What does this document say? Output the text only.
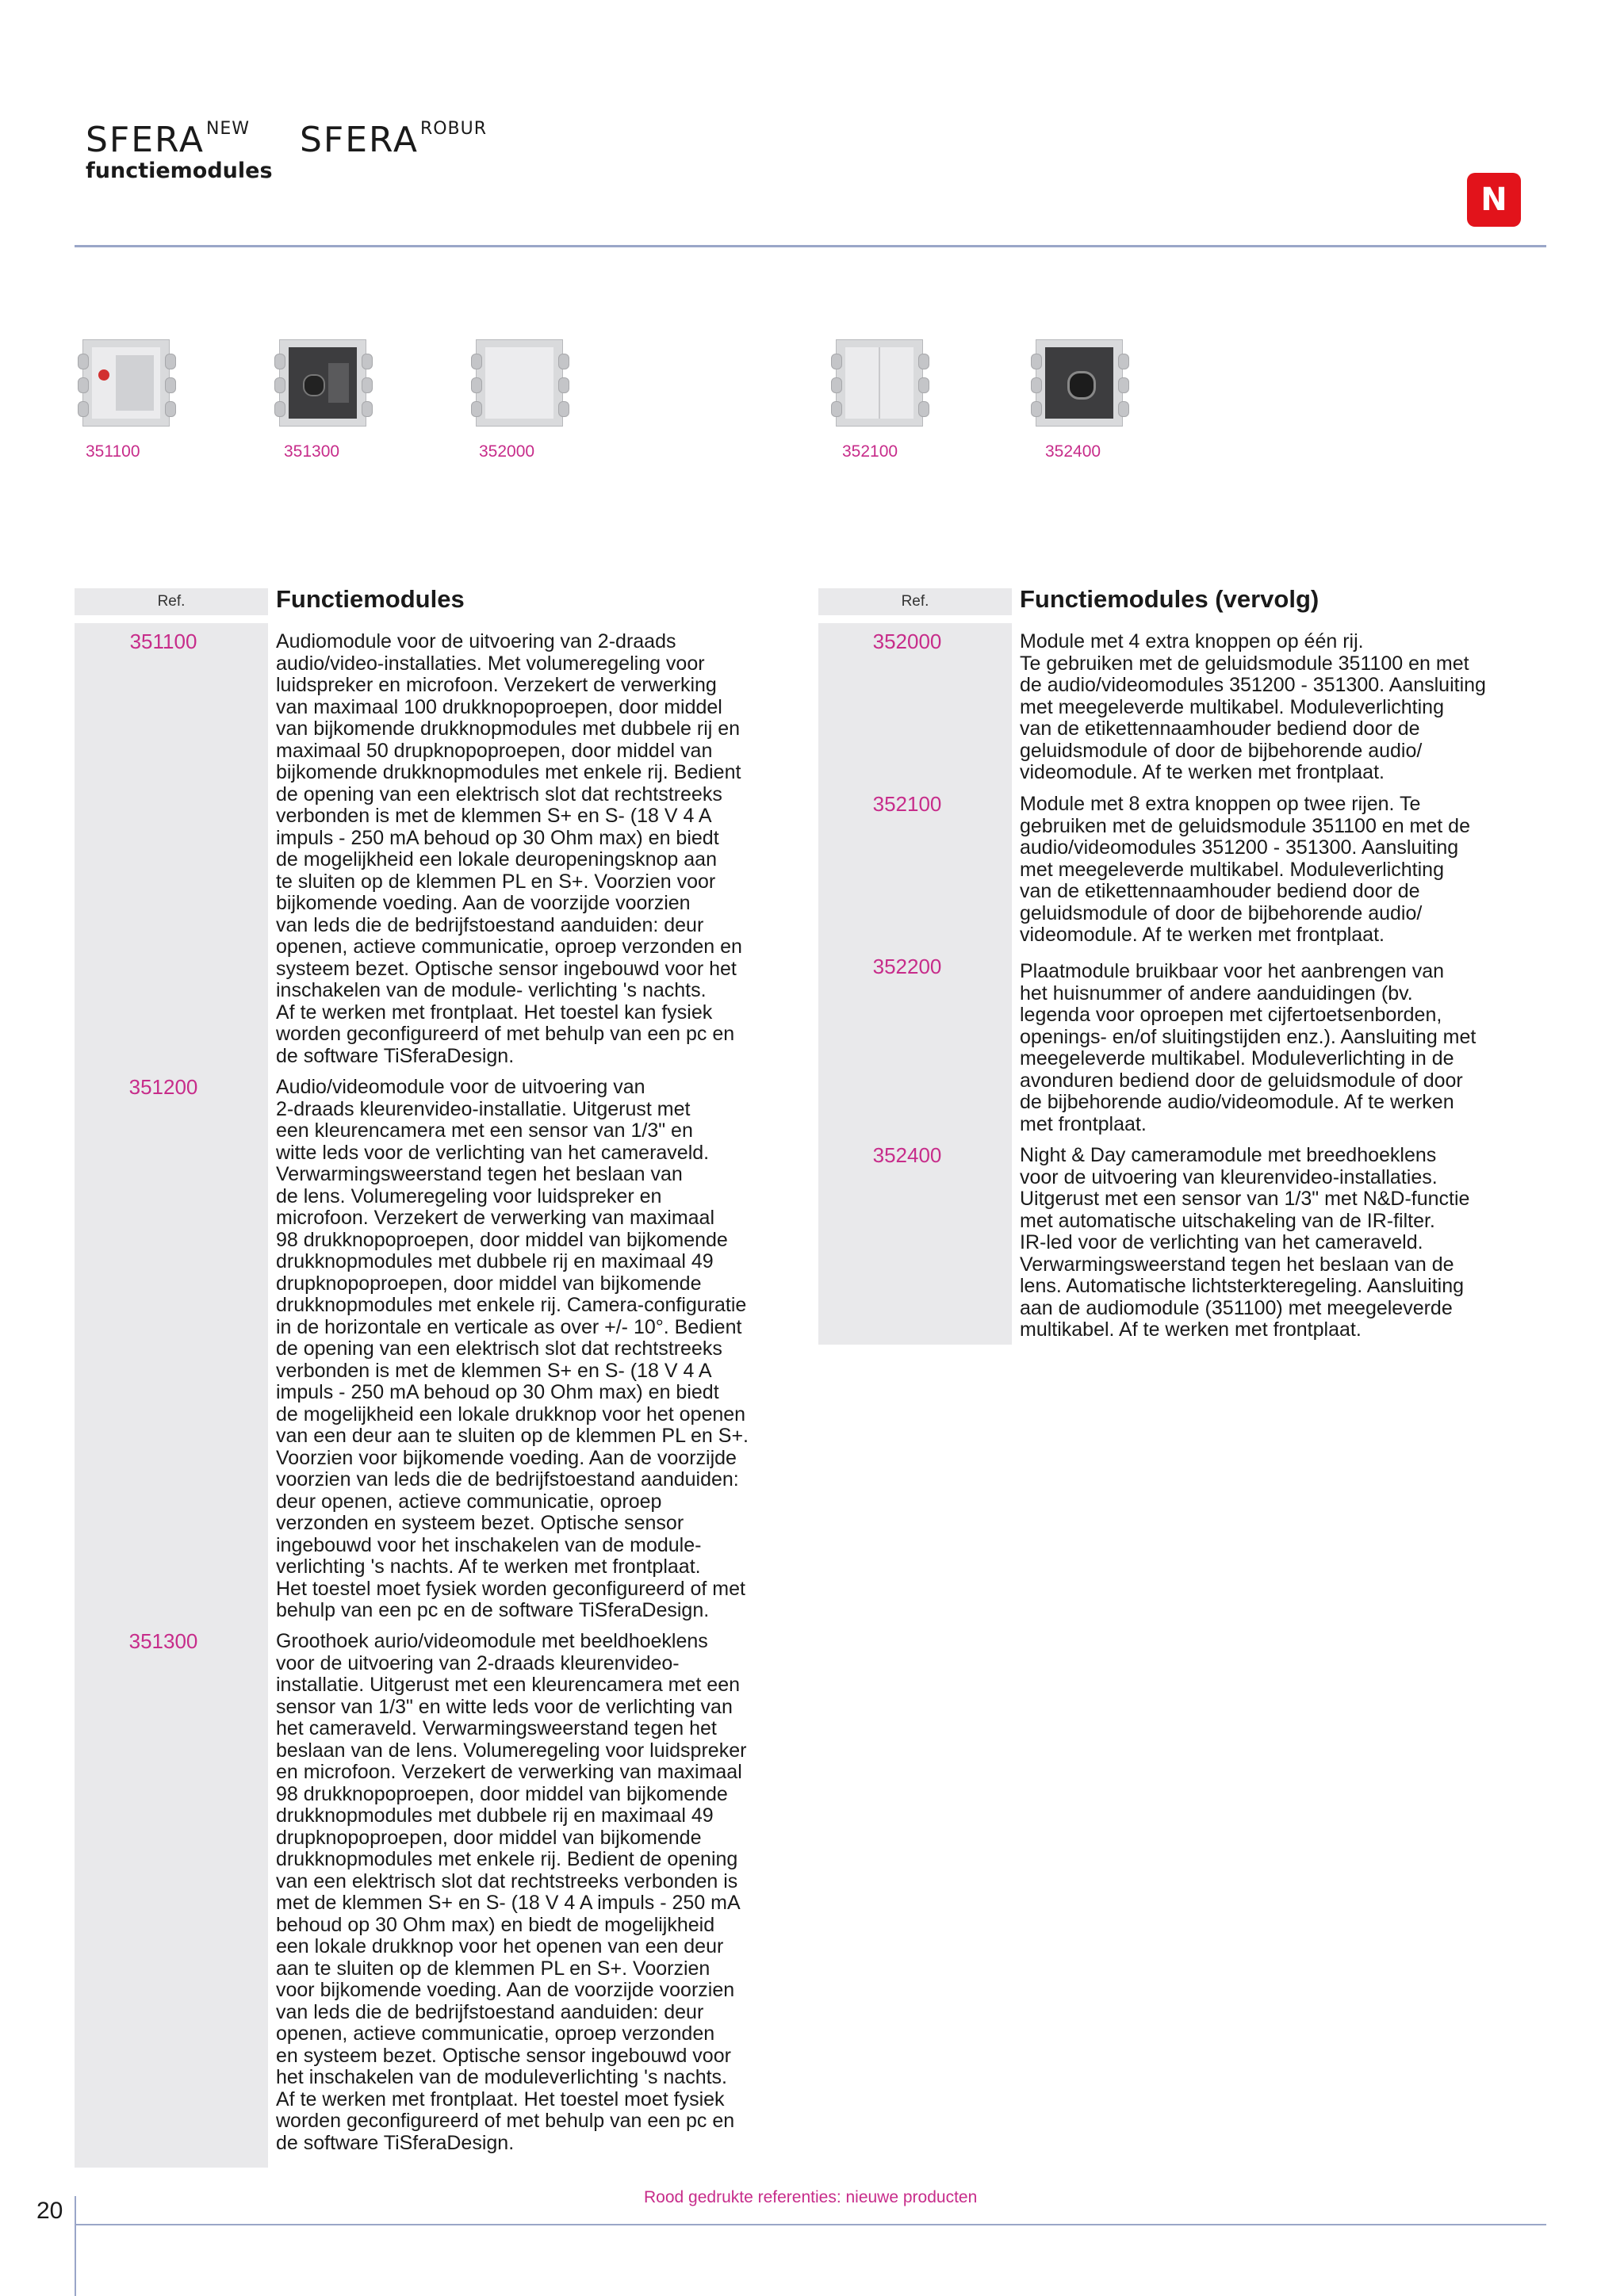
$SFERA^{NEW}$ $SFERA^{ROBUR}$
functiemodules
N
351100	351300	352000	352100	352400
Ref.	Functiemodules
351100	Audiomodule voor de uitvoering van 2-draads
audio/video-installaties. Met volumeregeling voor
luidspreker en microfoon. Verzekert de verwerking
van maximaal 100 drukknopoproepen, door middel
van bijkomende drukknopmodules met dubbele rij en
maximaal 50 drupknopoproepen, door middel van
bijkomende drukknopmodules met enkele rij. Bedient
de opening van een elektrisch slot dat rechtstreeks
verbonden is met de klemmen S+ en S- (18 V 4 A
impuls - 250 mA behoud op 30 Ohm max) en biedt
de mogelijkheid een lokale deuropeningsknop aan
te sluiten op de klemmen PL en S+. Voorzien voor
bijkomende voeding. Aan de voorzijde voorzien
van leds die de bedrijfstoestand aanduiden: deur
openen, actieve communicatie, oproep verzonden en
systeem bezet. Optische sensor ingebouwd voor het
inschakelen van de module- verlichting 's nachts.
Af te werken met frontplaat. Het toestel kan fysiek
worden geconfigureerd of met behulp van een pc en
de software TiSferaDesign.
351200	Audio/videomodule voor de uitvoering van
2-draads kleurenvideo-installatie. Uitgerust met
een kleurencamera met een sensor van 1/3" en
witte leds voor de verlichting van het cameraveld.
Verwarmingsweerstand tegen het beslaan van
de lens. Volumeregeling voor luidspreker en
microfoon. Verzekert de verwerking van maximaal
98 drukknopoproepen, door middel van bijkomende
drukknopmodules met dubbele rij en maximaal 49
drupknopoproepen, door middel van bijkomende
drukknopmodules met enkele rij. Camera-configuratie
in de horizontale en verticale as over +/- 10°. Bedient
de opening van een elektrisch slot dat rechtstreeks
verbonden is met de klemmen S+ en S- (18 V 4 A
impuls - 250 mA behoud op 30 Ohm max) en biedt
de mogelijkheid een lokale drukknop voor het openen
van een deur aan te sluiten op de klemmen PL en S+.
Voorzien voor bijkomende voeding. Aan de voorzijde
voorzien van leds die de bedrijfstoestand aanduiden:
deur openen, actieve communicatie, oproep
verzonden en systeem bezet. Optische sensor
ingebouwd voor het inschakelen van de module-
verlichting 's nachts. Af te werken met frontplaat.
Het toestel moet fysiek worden geconfigureerd of met
behulp van een pc en de software TiSferaDesign.
351300	Groothoek aurio/videomodule met beeldhoeklens
voor de uitvoering van 2-draads kleurenvideo-
installatie. Uitgerust met een kleurencamera met een
sensor van 1/3" en witte leds voor de verlichting van
het cameraveld. Verwarmingsweerstand tegen het
beslaan van de lens. Volumeregeling voor luidspreker
en microfoon. Verzekert de verwerking van maximaal
98 drukknopoproepen, door middel van bijkomende
drukknopmodules met dubbele rij en maximaal 49
drupknopoproepen, door middel van bijkomende
drukknopmodules met enkele rij. Bedient de opening
van een elektrisch slot dat rechtstreeks verbonden is
met de klemmen S+ en S- (18 V 4 A impuls - 250 mA
behoud op 30 Ohm max) en biedt de mogelijkheid
een lokale drukknop voor het openen van een deur
aan te sluiten op de klemmen PL en S+. Voorzien
voor bijkomende voeding. Aan de voorzijde voorzien
van leds die de bedrijfstoestand aanduiden: deur
openen, actieve communicatie, oproep verzonden
en systeem bezet. Optische sensor ingebouwd voor
het inschakelen van de moduleverlichting 's nachts.
Af te werken met frontplaat. Het toestel moet fysiek
worden geconfigureerd of met behulp van een pc en
de software TiSferaDesign.
Ref.	Functiemodules (vervolg)
352000	Module met 4 extra knoppen op één rij.
Te gebruiken met de geluidsmodule 351100 en met
de audio/videomodules 351200 - 351300. Aansluiting
met meegeleverde multikabel. Moduleverlichting
van de etikettennaamhouder bediend door de
geluidsmodule of door de bijbehorende audio/
videomodule. Af te werken met frontplaat.
352100	Module met 8 extra knoppen op twee rijen. Te
gebruiken met de geluidsmodule 351100 en met de
audio/videomodules 351200 - 351300. Aansluiting
met meegeleverde multikabel. Moduleverlichting
van de etikettennaamhouder bediend door de
geluidsmodule of door de bijbehorende audio/
videomodule. Af te werken met frontplaat.
352200	Plaatmodule bruikbaar voor het aanbrengen van
het huisnummer of andere aanduidingen (bv.
legenda voor oproepen met cijfertoetsenborden,
openings- en/of sluitingstijden enz.). Aansluiting met
meegeleverde multikabel. Moduleverlichting in de
avonduren bediend door de geluidsmodule of door
de bijbehorende audio/videomodule. Af te werken
met frontplaat.
352400	Night & Day cameramodule met breedhoeklens
voor de uitvoering van kleurenvideo-installaties.
Uitgerust met een sensor van 1/3" met N&D-functie
met automatische uitschakeling van de IR-filter.
IR-led voor de verlichting van het cameraveld.
Verwarmingsweerstand tegen het beslaan van de
lens. Automatische lichtsterkteregeling. Aansluiting
aan de audiomodule (351100) met meegeleverde
multikabel. Af te werken met frontplaat.
20
Rood gedrukte referenties: nieuwe producten
